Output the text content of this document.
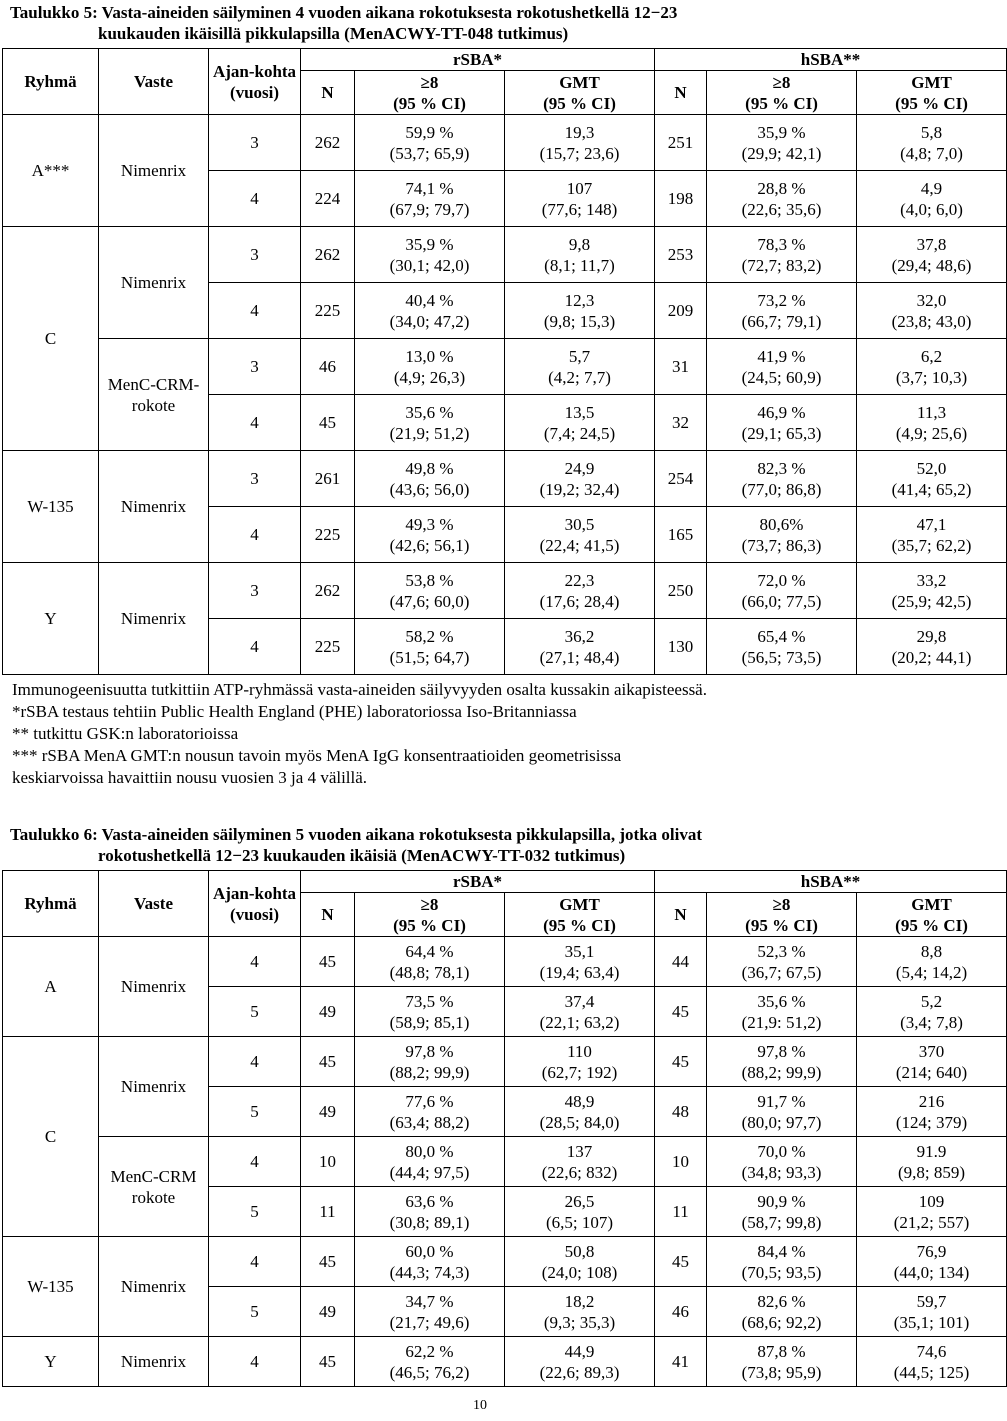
Taulukko 5: Vasta-aineiden säilyminen 4 vuoden aikana rokotuksesta rokotushetkellä 12−23
kuukauden ikäisillä pikkulapsilla (MenACWY-TT-048 tutkimus)
Ryhmä	Vaste	Ajan-kohta (vuosi)	rSBA*			hSBA**		
			N	≥8
(95 % CI)	GMT
(95 % CI)	N	≥8
(95 % CI)	GMT
(95 % CI)

A***	Nimenrix	3	262	59,9 %
(53,7; 65,9)	19,3
(15,7; 23,6)	251	35,9 %
(29,9; 42,1)	5,8
(4,8; 7,0)

		4	224	74,1 %
(67,9; 79,7)	107
(77,6; 148)	198	28,8 %
(22,6; 35,6)	4,9
(4,0; 6,0)

C	Nimenrix	3	262	35,9 %
(30,1; 42,0)	9,8
(8,1; 11,7)	253	78,3 %
(72,7; 83,2)	37,8
(29,4; 48,6)

		4	225	40,4 %
(34,0; 47,2)	12,3
(9,8; 15,3)	209	73,2 %
(66,7; 79,1)	32,0
(23,8; 43,0)

	MenC-CRM-rokote	3	46	13,0 %
(4,9; 26,3)	5,7
(4,2; 7,7)	31	41,9 %
(24,5; 60,9)	6,2
(3,7; 10,3)

		4	45	35,6 %
(21,9; 51,2)	13,5
(7,4; 24,5)	32	46,9 %
(29,1; 65,3)	11,3
(4,9; 25,6)

W-135	Nimenrix	3	261	49,8 %
(43,6; 56,0)	24,9
(19,2; 32,4)	254	82,3 %
(77,0; 86,8)	52,0
(41,4; 65,2)

		4	225	49,3 %
(42,6; 56,1)	30,5
(22,4; 41,5)	165	80,6%
(73,7; 86,3)	47,1
(35,7; 62,2)

Y	Nimenrix	3	262	53,8 %
(47,6; 60,0)	22,3
(17,6; 28,4)	250	72,0 %
(66,0; 77,5)	33,2
(25,9; 42,5)

		4	225	58,2 %
(51,5; 64,7)	36,2
(27,1; 48,4)	130	65,4 %
(56,5; 73,5)	29,8
(20,2; 44,1)
Immunogeenisuutta tutkittiin ATP-ryhmässä vasta-aineiden säilyvyyden osalta kussakin aikapisteessä.
*rSBA testaus tehtiin Public Health England (PHE) laboratoriossa Iso-Britanniassa
** tutkittu GSK:n laboratorioissa
*** rSBA MenA GMT:n nousun tavoin myös MenA IgG konsentraatioiden geometrisissa
keskiarvoissa havaittiin nousu vuosien 3 ja 4 välillä.
Taulukko 6: Vasta-aineiden säilyminen 5 vuoden aikana rokotuksesta pikkulapsilla, jotka olivat
rokotushetkellä 12−23 kuukauden ikäisiä (MenACWY-TT-032 tutkimus)
Ryhmä	Vaste	Ajan-kohta (vuosi)	rSBA*			hSBA**		
			N	≥8
(95 % CI)	GMT
(95 % CI)	N	≥8
(95 % CI)	GMT
(95 % CI)

A	Nimenrix	4	45	64,4 %
(48,8; 78,1)	35,1
(19,4; 63,4)	44	52,3 %
(36,7; 67,5)	8,8
(5,4; 14,2)

		5	49	73,5 %
(58,9; 85,1)	37,4
(22,1; 63,2)	45	35,6 %
(21,9: 51,2)	5,2
(3,4; 7,8)

C	Nimenrix	4	45	97,8 %
(88,2; 99,9)	110
(62,7; 192)	45	97,8 %
(88,2; 99,9)	370
(214; 640)

		5	49	77,6 %
(63,4; 88,2)	48,9
(28,5; 84,0)	48	91,7 %
(80,0; 97,7)	216
(124; 379)

	MenC-CRM rokote	4	10	80,0 %
(44,4; 97,5)	137
(22,6; 832)	10	70,0 %
(34,8; 93,3)	91.9
(9,8; 859)

		5	11	63,6 %
(30,8; 89,1)	26,5
(6,5; 107)	11	90,9 %
(58,7; 99,8)	109
(21,2; 557)

W-135	Nimenrix	4	45	60,0 %
(44,3; 74,3)	50,8
(24,0; 108)	45	84,4 %
(70,5; 93,5)	76,9
(44,0; 134)

		5	49	34,7 %
(21,7; 49,6)	18,2
(9,3; 35,3)	46	82,6 %
(68,6; 92,2)	59,7
(35,1; 101)

Y	Nimenrix	4	45	62,2 %
(46,5; 76,2)	44,9
(22,6; 89,3)	41	87,8 %
(73,8; 95,9)	74,6
(44,5; 125)
10
